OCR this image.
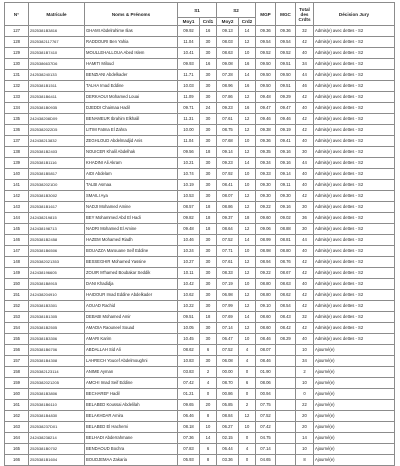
N°	Matricule	Noms & Prénoms	S1		S2		MGP	MGC	Total des Crdts	Décision Jury
			Moy1	Crd1	Moy2	Crd2				
127	2525381B3816	GHAMI Abdelrahime Ilias	09.92	16	09.13	14	09.36	09.36	32	Admis(e) avec dettes - S2
128	2525382117767	RADDOURI Ben Yahia	11.04	30	08.03	12	09.54	09.54	42	Admis(e) avec dettes - S2
129	2525381B7410	MOULLEHALLOUA Abed Islem	10.41	30	08.63	10	09.52	09.52	40	Admis(e) avec dettes - S2
130	2525386637D6	HAMITI Miloud	09.93	16	09.08	16	09.50	09.51	34	Admis(e) avec dettes - S2
131	242538240133	BENZIANI Abdelkader	11.71	30	07.28	14	09.50	09.50	44	Admis(e) avec dettes - S2
132	2525381B1511	TALHA Imad Eddine	10.03	30	08.96	16	09.50	09.51	46	Admis(e) avec dettes - S2
133	2525381B6411	DERKAOUI Mohamed Louai	11.09	30	07.86	12	09.48	09.29	42	Admis(e) avec dettes - S2
134	2525381B0935	DJEDDI Chaimaa Hadil	09.71	24	09.23	16	09.47	09.47	40	Admis(e) avec dettes - S2
135	242438208D09	BENAMEUR Ibrahim Elkhalil	11.31	30	07.61	12	09.46	09.46	42	Admis(e) avec dettes - S2
136	2525382022D5	LITIM Fatma El Zahra	10.00	30	08.75	12	09.38	09.19	42	Admis(e) avec dettes - S2
137	242438213832	ZEGHLOUD Abdelmadjid Anis	11.04	30	07.68	10	09.36	09.41	40	Admis(e) avec dettes - S2
138	2525381B2403	NOUICER Khalil Abdelhak	09.56	18	09.14	12	09.35	09.16	30	Admis(e) avec dettes - S2
139	2525381B1116	KHADINI Ali Akram	10.21	30	09.23	14	09.34	09.16	44	Admis(e) avec dettes - S2
140	2525381B5817	AIDI Abdelam	10.74	30	07.92	10	09.33	09.14	40	Admis(e) avec dettes - S2
141	2525382021D0	TALBI Asmaa	10.19	30	08.41	10	09.30	09.11	40	Admis(e) avec dettes - S2
142	2525381B3002	SMAILI Aya	10.53	30	08.07	12	09.30	09.30	42	Admis(e) avec dettes - S2
143	2525381B1617	NADJI Mohamed Amine	08.57	18	08.86	12	09.22	09.16	30	Admis(e) avec dettes - S2
144	242438219815	BEY Mohammed Abd El Hadi	09.82	18	09.37	18	09.60	09.02	36	Admis(e) avec dettes - S2
145	242438198713	NADRI Mohamed El Amine	09.48	18	08.64	12	09.06	08.88	30	Admis(e) avec dettes - S2
146	2525381B2458	HAZEM Mohamed Riadh	10.46	30	07.52	14	08.99	08.81	44	Admis(e) avec dettes - S2
147	2525381B6506	BOUAZZA Marouane Seif Eddine	10.24	30	07.71	10	08.98	08.80	40	Admis(e) avec dettes - S2
148	2525382021353	BESSEGHIR Mohamed Yassine	10.27	30	07.61	12	08.94	08.76	42	Admis(e) avec dettes - S2
149	242438196605	ZOUIR M'hamed Boubakar Seddik	10.11	30	08.33	12	09.22	08.67	42	Admis(e) avec dettes - S2
150	2525381B8915	DANI Khadidja	10.42	30	07.19	10	08.80	08.63	40	Admis(e) avec dettes - S2
151	242438204910	HAIDOUR Imad Eddine Abdelkader	10.62	30	06.98	12	08.80	08.62	42	Admis(e) avec dettes - S2
152	2525381B3301	AOUAD Rachid	10.22	30	07.99	12	09.10	08.54	42	Admis(e) avec dettes - S2
153	2525381B1305	DEBABI Mohamed Amir	09.51	18	07.69	14	08.60	08.43	32	Admis(e) avec dettes - S2
154	2525381B2505	AMADIA Raouneel Souad	10.05	30	07.14	12	08.60	08.42	42	Admis(e) avec dettes - S2
155	2525381B3306	AMARI Karim	10.45	30	06.47	10	08.46	08.29	40	Admis(e) avec dettes - S2
156	2525381B6706	ABDALLAH Sid Ali	08.62	6	07.52	4	08.07		10	Ajourné(e)
157	2525381B4308	LAHRECH Youcef Abdelmoughni	10.83	30	06.08	4	08.46		34	Ajourné(e)
158	2525382123114	ANIME Ayman	03.83	2	00.00	0	01.90		2	Ajourné(e)
159	2525382021205	AMCHI Imad Seif Eddine	07.42	4	08.70	6	08.06		10	Ajourné(e)
160	2525381B3806	BECHAREF Hadil	01.21	0	00.86	0	00.94		0	Ajourné(e)
161	2525381B6110	BELABED Koussai Abdelilah	09.65	20	05.85	2	07.75		22	Ajourné(e)
162	2525381B4830	BELAKHDAR Amira	06.46	8	08.84	12	07.52		20	Ajourné(e)
163	252538237D01	BELABED El Hachemi	08.18	10	06.27	10	07.42		20	Ajourné(e)
164	242438238214	BELHADI Abderrahmane	07.36	14	02.15	0	04.75		14	Ajourné(e)
165	2525381B0702	BENDAOUD Bochra	07.83	6	06.44	4	07.14		10	Ajourné(e)
166	2525381B1604	BOUDJEMAA Zakaria	05.93	8	03.36	0	04.65		8	Ajourné(e)
